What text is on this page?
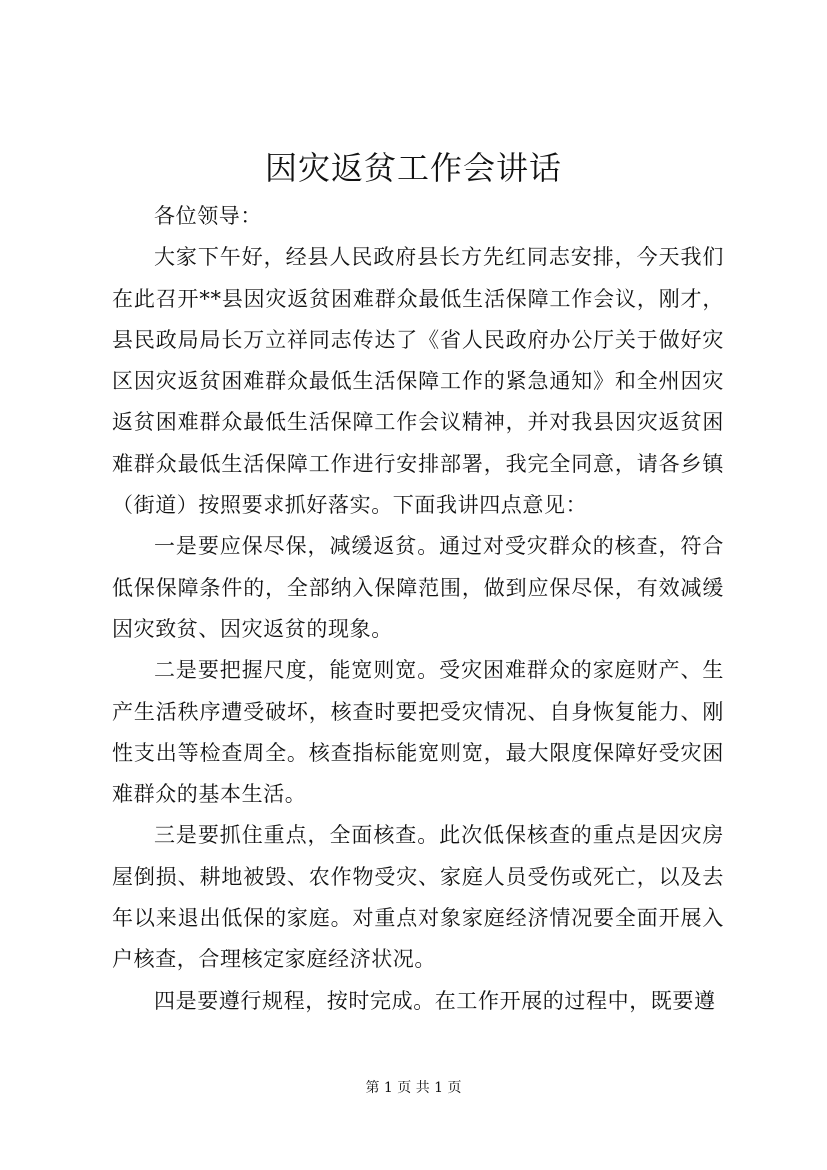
因灾返贫工作会讲话

各位领导：

大家下午好，经县人民政府县长方先红同志安排，今天我们在此召开**县因灾返贫困难群众最低生活保障工作会议，刚才，县民政局局长万立祥同志传达了《省人民政府办公厅关于做好灾区因灾返贫困难群众最低生活保障工作的紧急通知》和全州因灾返贫困难群众最低生活保障工作会议精神，并对我县因灾返贫困难群众最低生活保障工作进行安排部署，我完全同意，请各乡镇（街道）按照要求抓好落实。下面我讲四点意见：

一是要应保尽保，减缓返贫。通过对受灾群众的核查，符合低保保障条件的，全部纳入保障范围，做到应保尽保，有效减缓因灾致贫、因灾返贫的现象。

二是要把握尺度，能宽则宽。受灾困难群众的家庭财产、生产生活秩序遭受破坏，核查时要把受灾情况、自身恢复能力、刚性支出等检查周全。核查指标能宽则宽，最大限度保障好受灾困难群众的基本生活。

三是要抓住重点，全面核查。此次低保核查的重点是因灾房屋倒损、耕地被毁、农作物受灾、家庭人员受伤或死亡，以及去年以来退出低保的家庭。对重点对象家庭经济情况要全面开展入户核查，合理核定家庭经济状况。

四是要遵行规程，按时完成。在工作开展的过程中，既要遵

第 1 页 共 1 页
